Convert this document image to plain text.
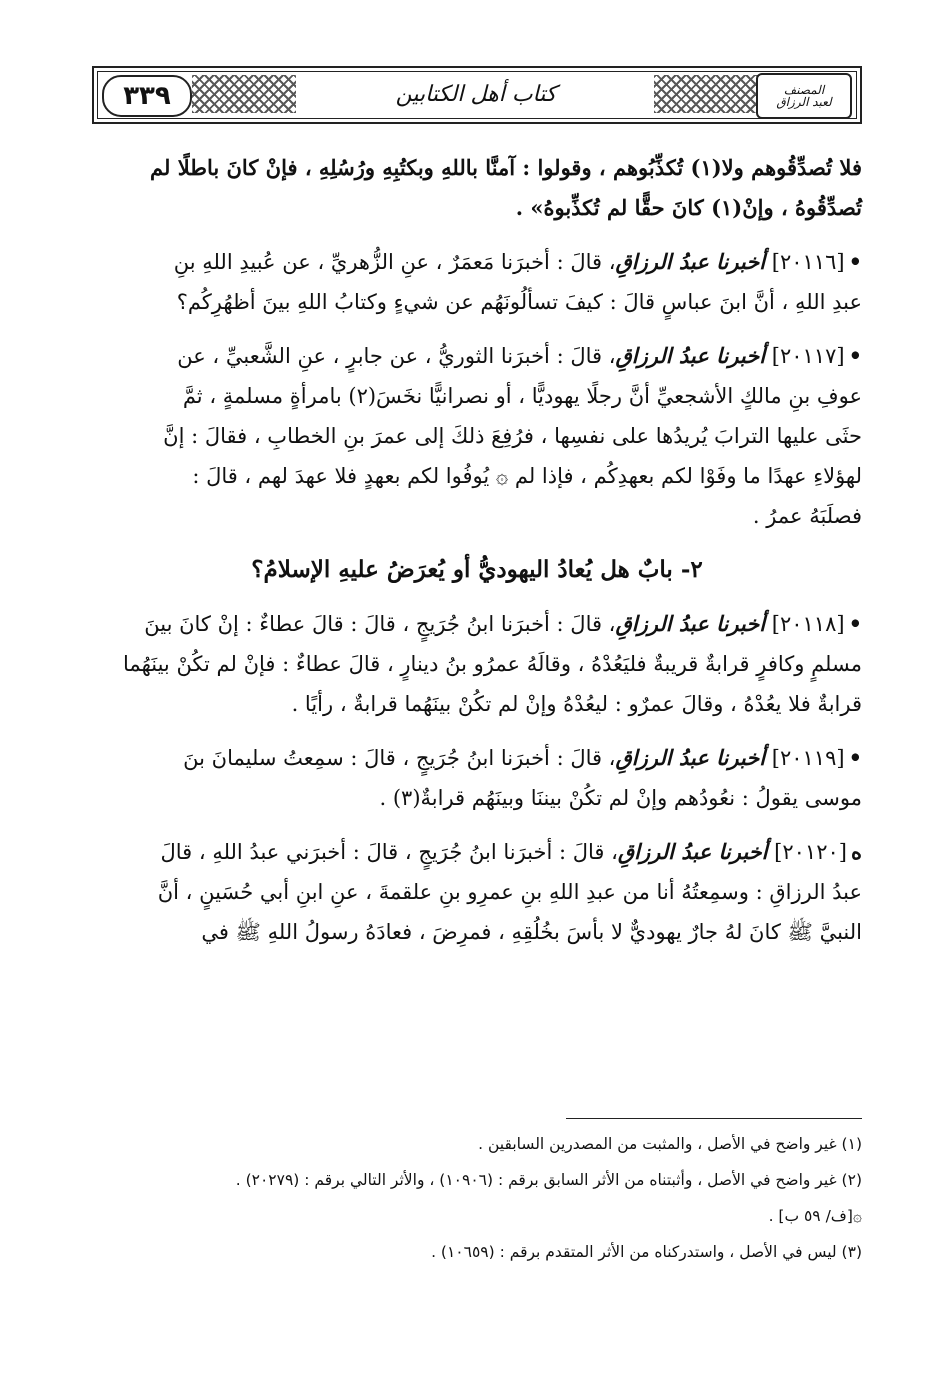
٣٣٩	كتاب أهل الكتابين	المصنف
لعبد الرزاق

فلا تُصدِّقُوهم ولا(١) تُكذِّبُوهم ، وقولوا : آمنَّا باللهِ وبكتُبِهِ ورُسُلِهِ ، فإنْ كانَ باطلًا لم

تُصدِّقُوهُ ، وإنْ(١) كانَ حقًّا لم تُكذِّبوهُ» .

•[٢٠١١٦] أخبرنا عبدُ الرزاقِ، قالَ : أخبرَنا مَعمَرٌ ، عنِ الزُّهريِّ ، عن عُبيدِ اللهِ بنِ

عبدِ اللهِ ، أنَّ ابنَ عباسٍ قالَ : كيفَ تسألُونَهُم عن شيءٍ وكتابُ اللهِ بينَ أظهُرِكُم؟

•[٢٠١١٧] أخبرنا عبدُ الرزاقِ، قالَ : أخبرَنا الثوريُّ ، عن جابرٍ ، عنِ الشَّعبيِّ ، عن

عوفِ بنِ مالكٍ الأشجعيِّ أنَّ رجلًا يهوديًّا ، أو نصرانيًّا نخَسَ(٢) بامرأةٍ مسلمةٍ ، ثمَّ

حثَى عليها الترابَ يُريدُها على نفسِها ، فرُفِعَ ذلكَ إلى عمرَ بنِ الخطابِ ، فقالَ : إنَّ

لهؤلاءِ عهدًا ما وفَوْا لكم بعهدِكُم ، فإذا لم ۞ يُوفُوا لكم بعهدٍ فلا عهدَ لهم ، قالَ :

فصلَبَهُ عمرُ .

٢- بابٌ هل يُعادُ اليهوديُّ أو يُعرَضُ عليهِ الإسلامُ؟

•[٢٠١١٨] أخبرنا عبدُ الرزاقِ، قالَ : أخبرَنا ابنُ جُرَيجٍ ، قالَ : قالَ عطاءٌ : إنْ كانَ بينَ

مسلمٍ وكافرٍ قرابةٌ قريبةٌ فليَعُدْهُ ، وقالَهُ عمرُو بنُ دينارٍ ، قالَ عطاءٌ : فإنْ لم تكُنْ بينَهُما

قرابةٌ فلا يعُدْهُ ، وقالَ عمرٌو : ليعُدْهُ وإنْ لم تكُنْ بينَهُما قرابةٌ ، رأيًا .

•[٢٠١١٩] أخبرنا عبدُ الرزاقِ، قالَ : أخبرَنا ابنُ جُرَيجٍ ، قالَ : سمِعتُ سليمانَ بنَ

موسى يقولُ : نعُودُهم وإنْ لم تكُنْ بيننَا وبينَهُم قرابةٌ(٣) .

ه[٢٠١٢٠] أخبرنا عبدُ الرزاقِ، قالَ : أخبرَنا ابنُ جُرَيجٍ ، قالَ : أخبرَني عبدُ اللهِ ، قالَ

عبدُ الرزاقِ : وسمِعتُهُ أنا من عبدِ اللهِ بنِ عمرِو بنِ علقمةَ ، عنِ ابنِ أبي حُسَينٍ ، أنَّ

النبيَّ ﷺ كانَ لهُ جارٌ يهوديٌّ لا بأسَ بخُلُقِهِ ، فمرِضَ ، فعادَهُ رسولُ اللهِ ﷺ في

(١) غير واضح في الأصل ، والمثبت من المصدرين السابقين .

(٢) غير واضح في الأصل ، وأثبتناه من الأثر السابق برقم : (١٠٩٠٦) ، والأثر التالي برقم : (٢٠٢٧٩) .

۞[ف/ ٥٩ ب] .

(٣) ليس في الأصل ، واستدركناه من الأثر المتقدم برقم : (١٠٦٥٩) .
